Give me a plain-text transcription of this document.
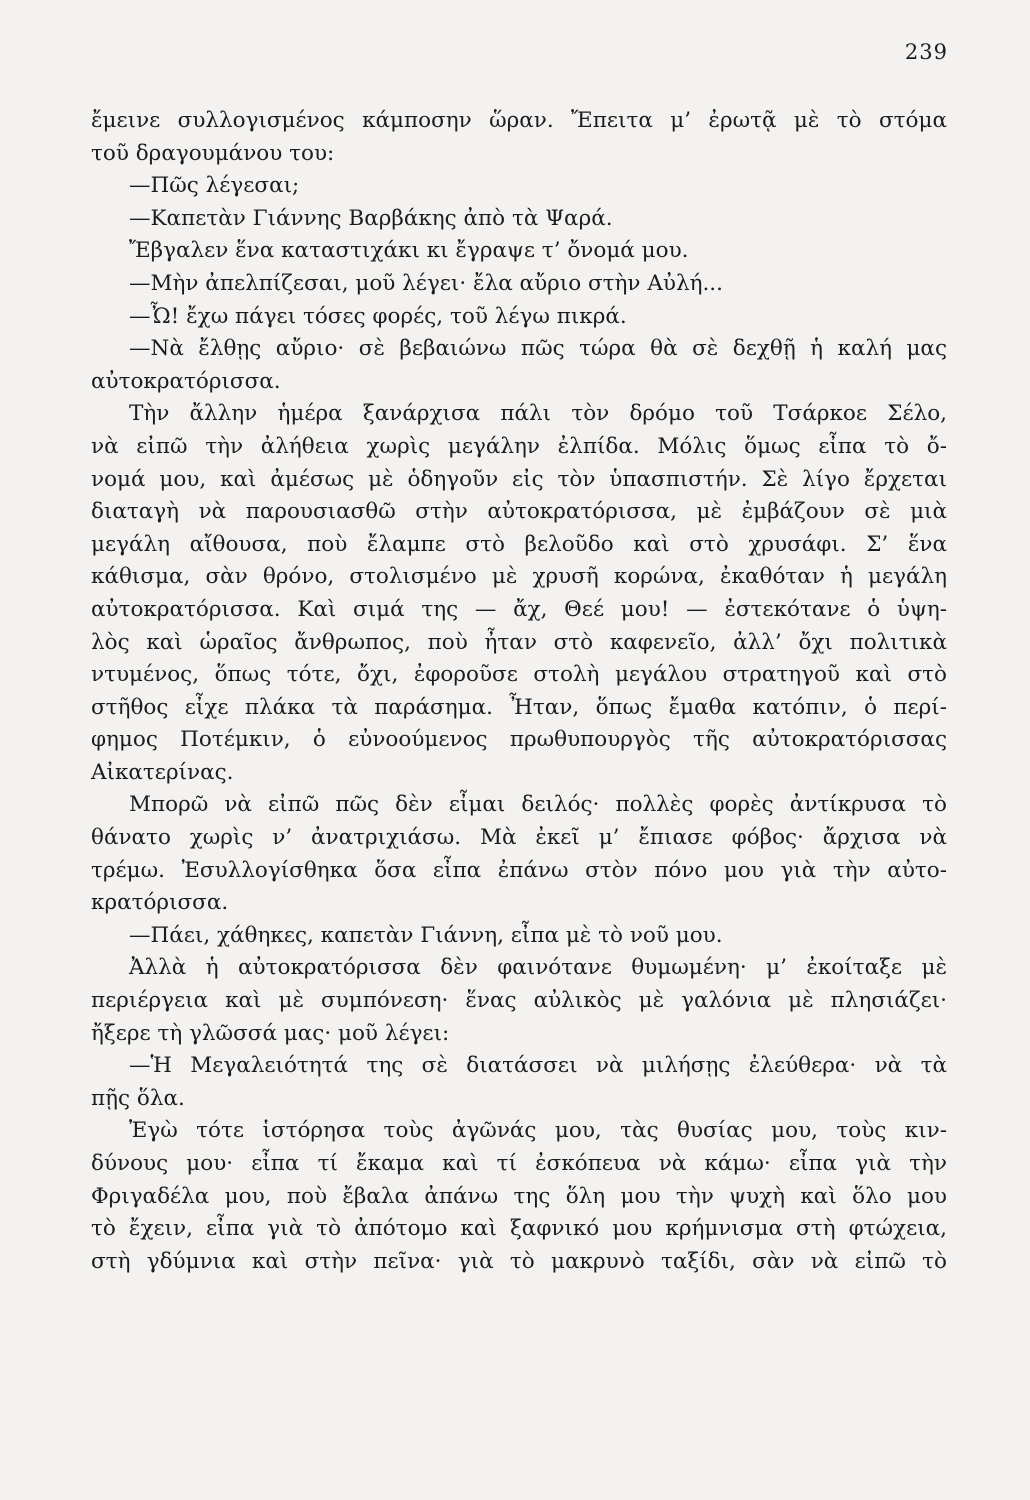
239
ἔμεινε συλλογισμένος κάμποσην ὥραν. Ἔπειτα μ’ ἐρωτᾷ μὲ τὸ στόμα
τοῦ δραγουμάνου του:
—Πῶς λέγεσαι;
—Καπετὰν Γιάννης Βαρβάκης ἀπὸ τὰ Ψαρά.
Ἔβγαλεν ἕνα καταστιχάκι κι ἔγραψε τ’ ὄνομά μου.
—Μὴν ἀπελπίζεσαι, μοῦ λέγει· ἔλα αὔριο στὴν Αὐλή...
—Ὦ! ἔχω πάγει τόσες φορές, τοῦ λέγω πικρά.
—Νὰ ἔλθῃς αὔριο· σὲ βεβαιώνω πῶς τώρα θὰ σὲ δεχθῇ ἡ καλή μας
αὐτοκρατόρισσα.
Τὴν ἄλλην ἡμέρα ξανάρχισα πάλι τὸν δρόμο τοῦ Τσάρκοε Σέλο,
νὰ εἰπῶ τὴν ἀλήθεια χωρὶς μεγάλην ἐλπίδα. Μόλις ὅμως εἶπα τὸ ὄ-
νομά μου, καὶ ἀμέσως μὲ ὁδηγοῦν εἰς τὸν ὑπασπιστήν. Σὲ λίγο ἔρχεται
διαταγὴ νὰ παρουσιασθῶ στὴν αὐτοκρατόρισσα, μὲ ἐμβάζουν σὲ μιὰ
μεγάλη αἴθουσα, ποὺ ἔλαμπε στὸ βελοῦδο καὶ στὸ χρυσάφι. Σ’ ἕνα
κάθισμα, σὰν θρόνο, στολισμένο μὲ χρυσῆ κορώνα, ἐκαθόταν ἡ μεγάλη
αὐτοκρατόρισσα. Καὶ σιμά της — ἄχ, Θεέ μου! — ἐστεκότανε ὁ ὑψη-
λὸς καὶ ὡραῖος ἄνθρωπος, ποὺ ἦταν στὸ καφενεῖο, ἀλλ’ ὄχι πολιτικὰ
ντυμένος, ὅπως τότε, ὄχι, ἐφοροῦσε στολὴ μεγάλου στρατηγοῦ καὶ στὸ
στῆθος εἶχε πλάκα τὰ παράσημα. Ἦταν, ὅπως ἔμαθα κατόπιν, ὁ περί-
φημος Ποτέμκιν, ὁ εὐνοούμενος πρωθυπουργὸς τῆς αὐτοκρατόρισσας
Αἰκατερίνας.
Μπορῶ νὰ εἰπῶ πῶς δὲν εἶμαι δειλός· πολλὲς φορὲς ἀντίκρυσα τὸ
θάνατο χωρὶς ν’ ἀνατριχιάσω. Μὰ ἐκεῖ μ’ ἔπιασε φόβος· ἄρχισα νὰ
τρέμω. Ἐσυλλογίσθηκα ὅσα εἶπα ἐπάνω στὸν πόνο μου γιὰ τὴν αὐτο-
κρατόρισσα.
—Πάει, χάθηκες, καπετὰν Γιάννη, εἶπα μὲ τὸ νοῦ μου.
Ἀλλὰ ἡ αὐτοκρατόρισσα δὲν φαινότανε θυμωμένη· μ’ ἐκοίταξε μὲ
περιέργεια καὶ μὲ συμπόνεση· ἕνας αὐλικὸς μὲ γαλόνια μὲ πλησιάζει·
ἤξερε τὴ γλῶσσά μας· μοῦ λέγει:
—Ἡ Μεγαλειότητά της σὲ διατάσσει νὰ μιλήσῃς ἐλεύθερα· νὰ τὰ
πῇς ὅλα.
Ἐγὼ τότε ἱστόρησα τοὺς ἀγῶνάς μου, τὰς θυσίας μου, τοὺς κιν-
δύνους μου· εἶπα τί ἔκαμα καὶ τί ἐσκόπευα νὰ κάμω· εἶπα γιὰ τὴν
Φριγαδέλα μου, ποὺ ἔβαλα ἀπάνω της ὅλη μου τὴν ψυχὴ καὶ ὅλο μου
τὸ ἔχειν, εἶπα γιὰ τὸ ἀπότομο καὶ ξαφνικό μου κρήμνισμα στὴ φτώχεια,
στὴ γδύμνια καὶ στὴν πεῖνα· γιὰ τὸ μακρυνὸ ταξίδι, σὰν νὰ εἰπῶ τὸ
